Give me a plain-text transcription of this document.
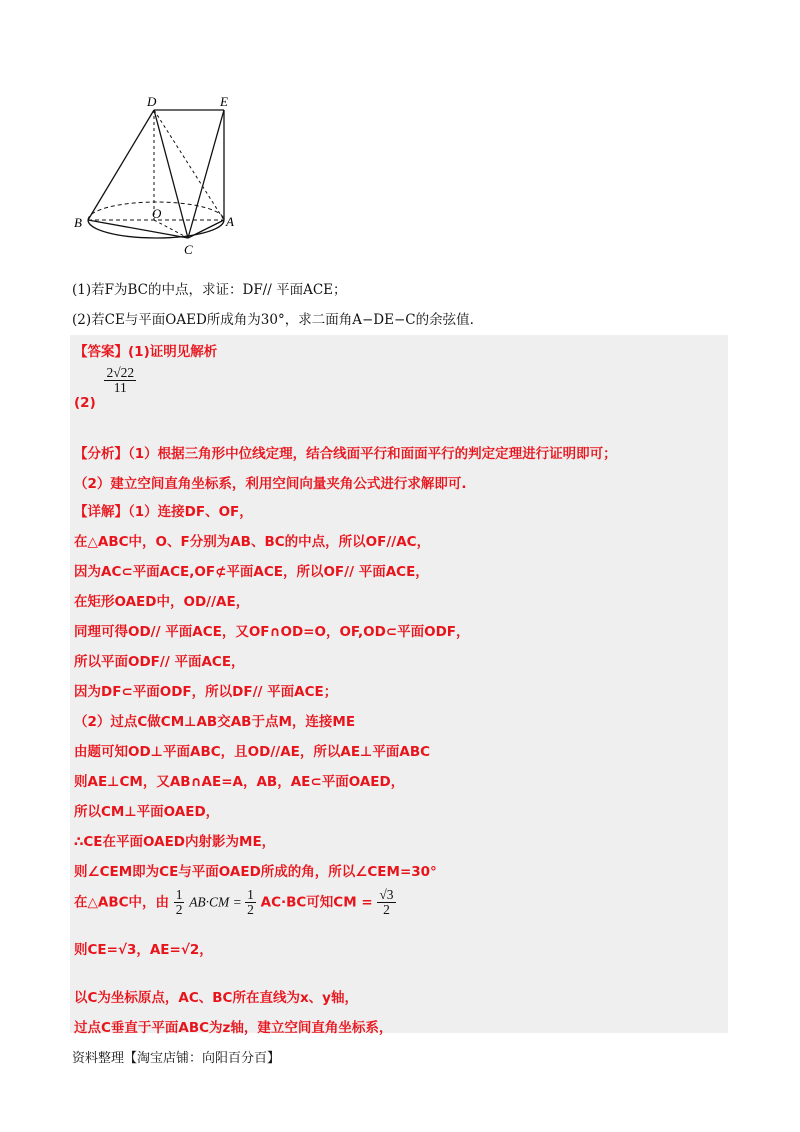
D	E
B
O
A
C
(1)若F为BC的中点，求证：DF// 平面ACE；
(2)若CE与平面OAED所成角为30°，求二面角A−DE−C的余弦值.
【答案】(1)证明见解析
(2)
$\frac{2√22}{11}$
【分析】（1）根据三角形中位线定理，结合线面平行和面面平行的判定定理进行证明即可；
（2）建立空间直角坐标系，利用空间向量夹角公式进行求解即可.
【详解】（1）连接DF、OF，
在△ABC中，O、F分别为AB、BC的中点，所以OF//AC，
因为AC⊂平面ACE,OF⊄平面ACE，所以OF// 平面ACE，
在矩形OAED中，OD//AE，
同理可得OD// 平面ACE，又OF∩OD=O，OF,OD⊂平面ODF，
所以平面ODF// 平面ACE，
因为DF⊂平面ODF，所以DF// 平面ACE；
（2）过点C做CM⊥AB交AB于点M，连接ME
由题可知OD⊥平面ABC，且OD//AE，所以AE⊥平面ABC
则AE⊥CM，又AB∩AE=A，AB，AE⊂平面OAED，
所以CM⊥平面OAED，
∴CE在平面OAED内射影为ME，
则∠CEM即为CE与平面OAED所成的角，所以∠CEM=30°
在△ABC中，由 $\frac{1}{2} AB\cdot CM = \frac{1}{2} AC\cdot BC$可知CM = $\frac{√3}{2}$
则CE=√3，AE=√2，
以C为坐标原点，AC、BC所在直线为x、y轴，
过点C垂直于平面ABC为z轴，建立空间直角坐标系，
资料整理【淘宝店铺：向阳百分百】
